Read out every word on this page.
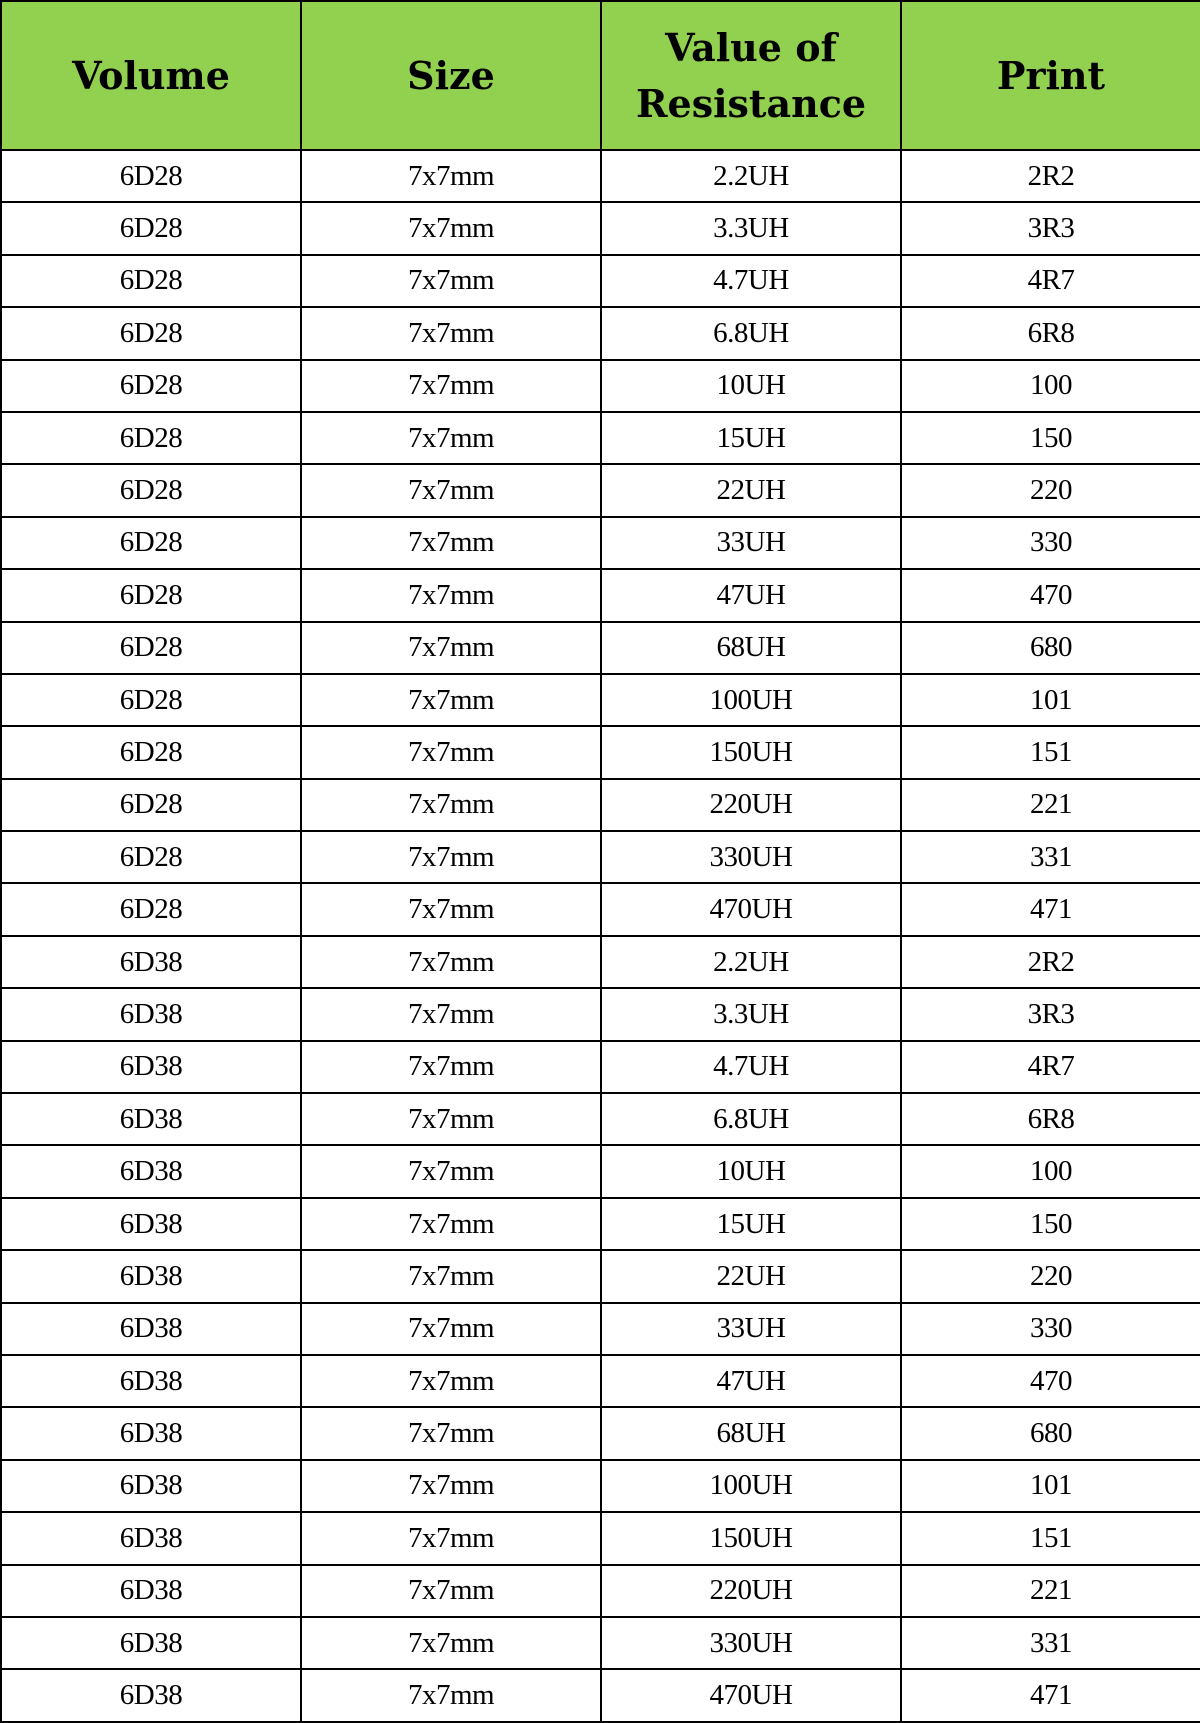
Volume	Size	Value of Resistance	Print
6D28	7x7mm	2.2UH	2R2
6D28	7x7mm	3.3UH	3R3
6D28	7x7mm	4.7UH	4R7
6D28	7x7mm	6.8UH	6R8
6D28	7x7mm	10UH	100
6D28	7x7mm	15UH	150
6D28	7x7mm	22UH	220
6D28	7x7mm	33UH	330
6D28	7x7mm	47UH	470
6D28	7x7mm	68UH	680
6D28	7x7mm	100UH	101
6D28	7x7mm	150UH	151
6D28	7x7mm	220UH	221
6D28	7x7mm	330UH	331
6D28	7x7mm	470UH	471
6D38	7x7mm	2.2UH	2R2
6D38	7x7mm	3.3UH	3R3
6D38	7x7mm	4.7UH	4R7
6D38	7x7mm	6.8UH	6R8
6D38	7x7mm	10UH	100
6D38	7x7mm	15UH	150
6D38	7x7mm	22UH	220
6D38	7x7mm	33UH	330
6D38	7x7mm	47UH	470
6D38	7x7mm	68UH	680
6D38	7x7mm	100UH	101
6D38	7x7mm	150UH	151
6D38	7x7mm	220UH	221
6D38	7x7mm	330UH	331
6D38	7x7mm	470UH	471
